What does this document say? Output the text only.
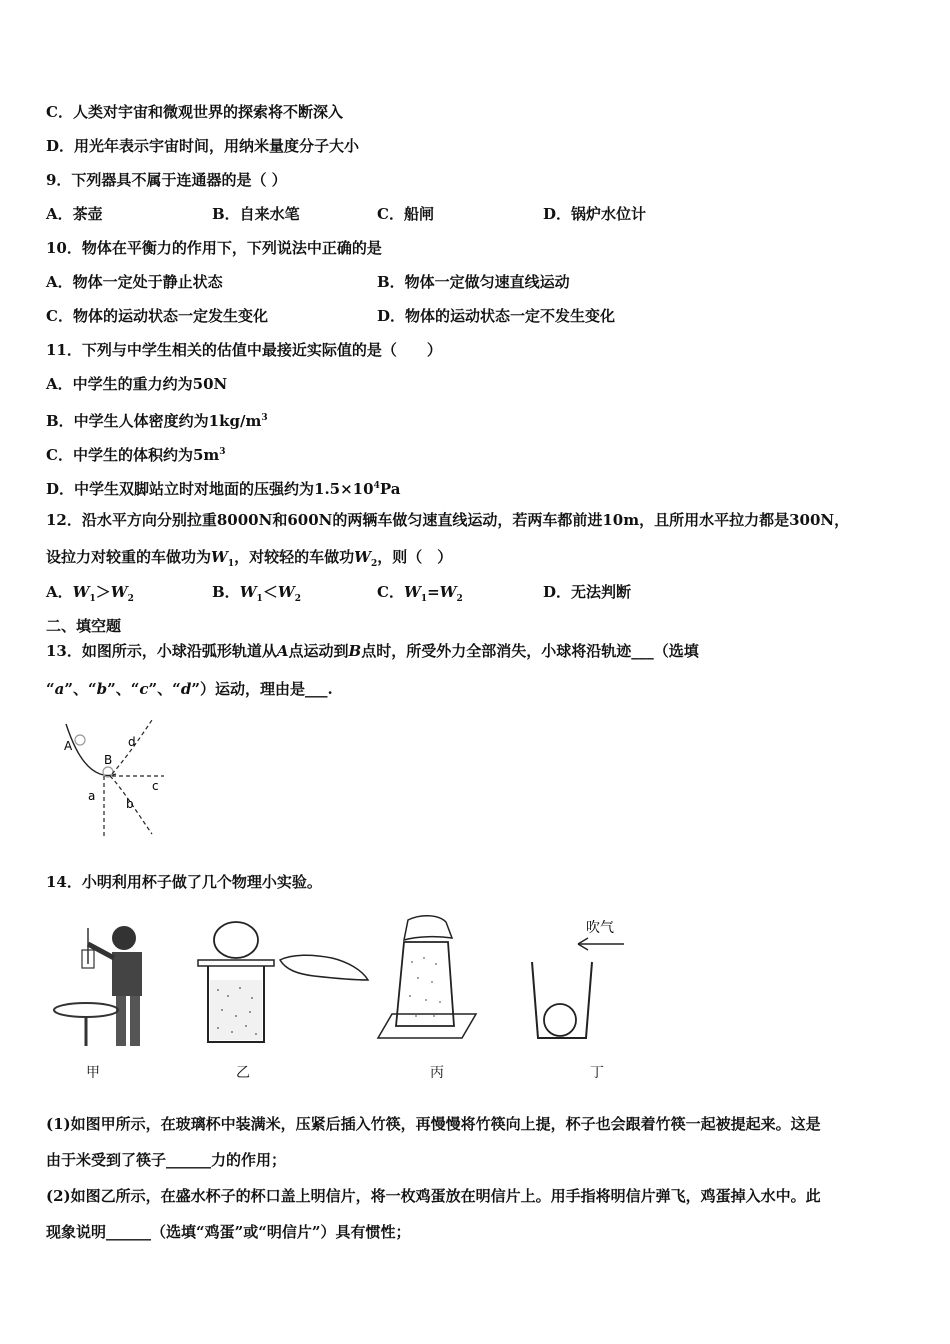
C．人类对宇宙和微观世界的探索将不断深入
D．用光年表示宇宙时间，用纳米量度分子大小
9．下列器具不属于连通器的是（ ）
A．茶壶	B．自来水笔	C．船闸	D．锅炉水位计
10．物体在平衡力的作用下，下列说法中正确的是
A．物体一定处于静止状态	B．物体一定做匀速直线运动
C．物体的运动状态一定发生变化	D．物体的运动状态一定不发生变化
11．下列与中学生相关的估值中最接近实际值的是（　　）
A．中学生的重力约为50N
B．中学生人体密度约为$1kg/m^3$
C．中学生的体积约为$5m^3$
D．中学生双脚站立时对地面的压强约为$1.5\times 10^4Pa$
12．沿水平方向分别拉重8000N和600N的两辆车做匀速直线运动，若两车都前进10m，且所用水平拉力都是300N，
设拉力对较重的车做功为$W_1$，对较轻的车做功$W_2$，则（　）
A．$W_1>W_2$	B．$W_1<W_2$	C．$W_1=W_2$	D．无法判断
二、填空题
13．如图所示，小球沿弧形轨道从A点运动到B点时，所受外力全部消失，小球将沿轨迹___（选填
“a”、“b”、“c”、“d”）运动，理由是___.
A
B
a
b
c
d
14．小明利用杯子做了几个物理小实验。
甲	乙	丙
吹气
丁
(1)如图甲所示，在玻璃杯中装满米，压紧后插入竹筷，再慢慢将竹筷向上提，杯子也会跟着竹筷一起被提起来。这是
由于米受到了筷子______力的作用；
(2)如图乙所示，在盛水杯子的杯口盖上明信片，将一枚鸡蛋放在明信片上。用手指将明信片弹飞，鸡蛋掉入水中。此
现象说明______（选填“鸡蛋”或“明信片”）具有惯性；
